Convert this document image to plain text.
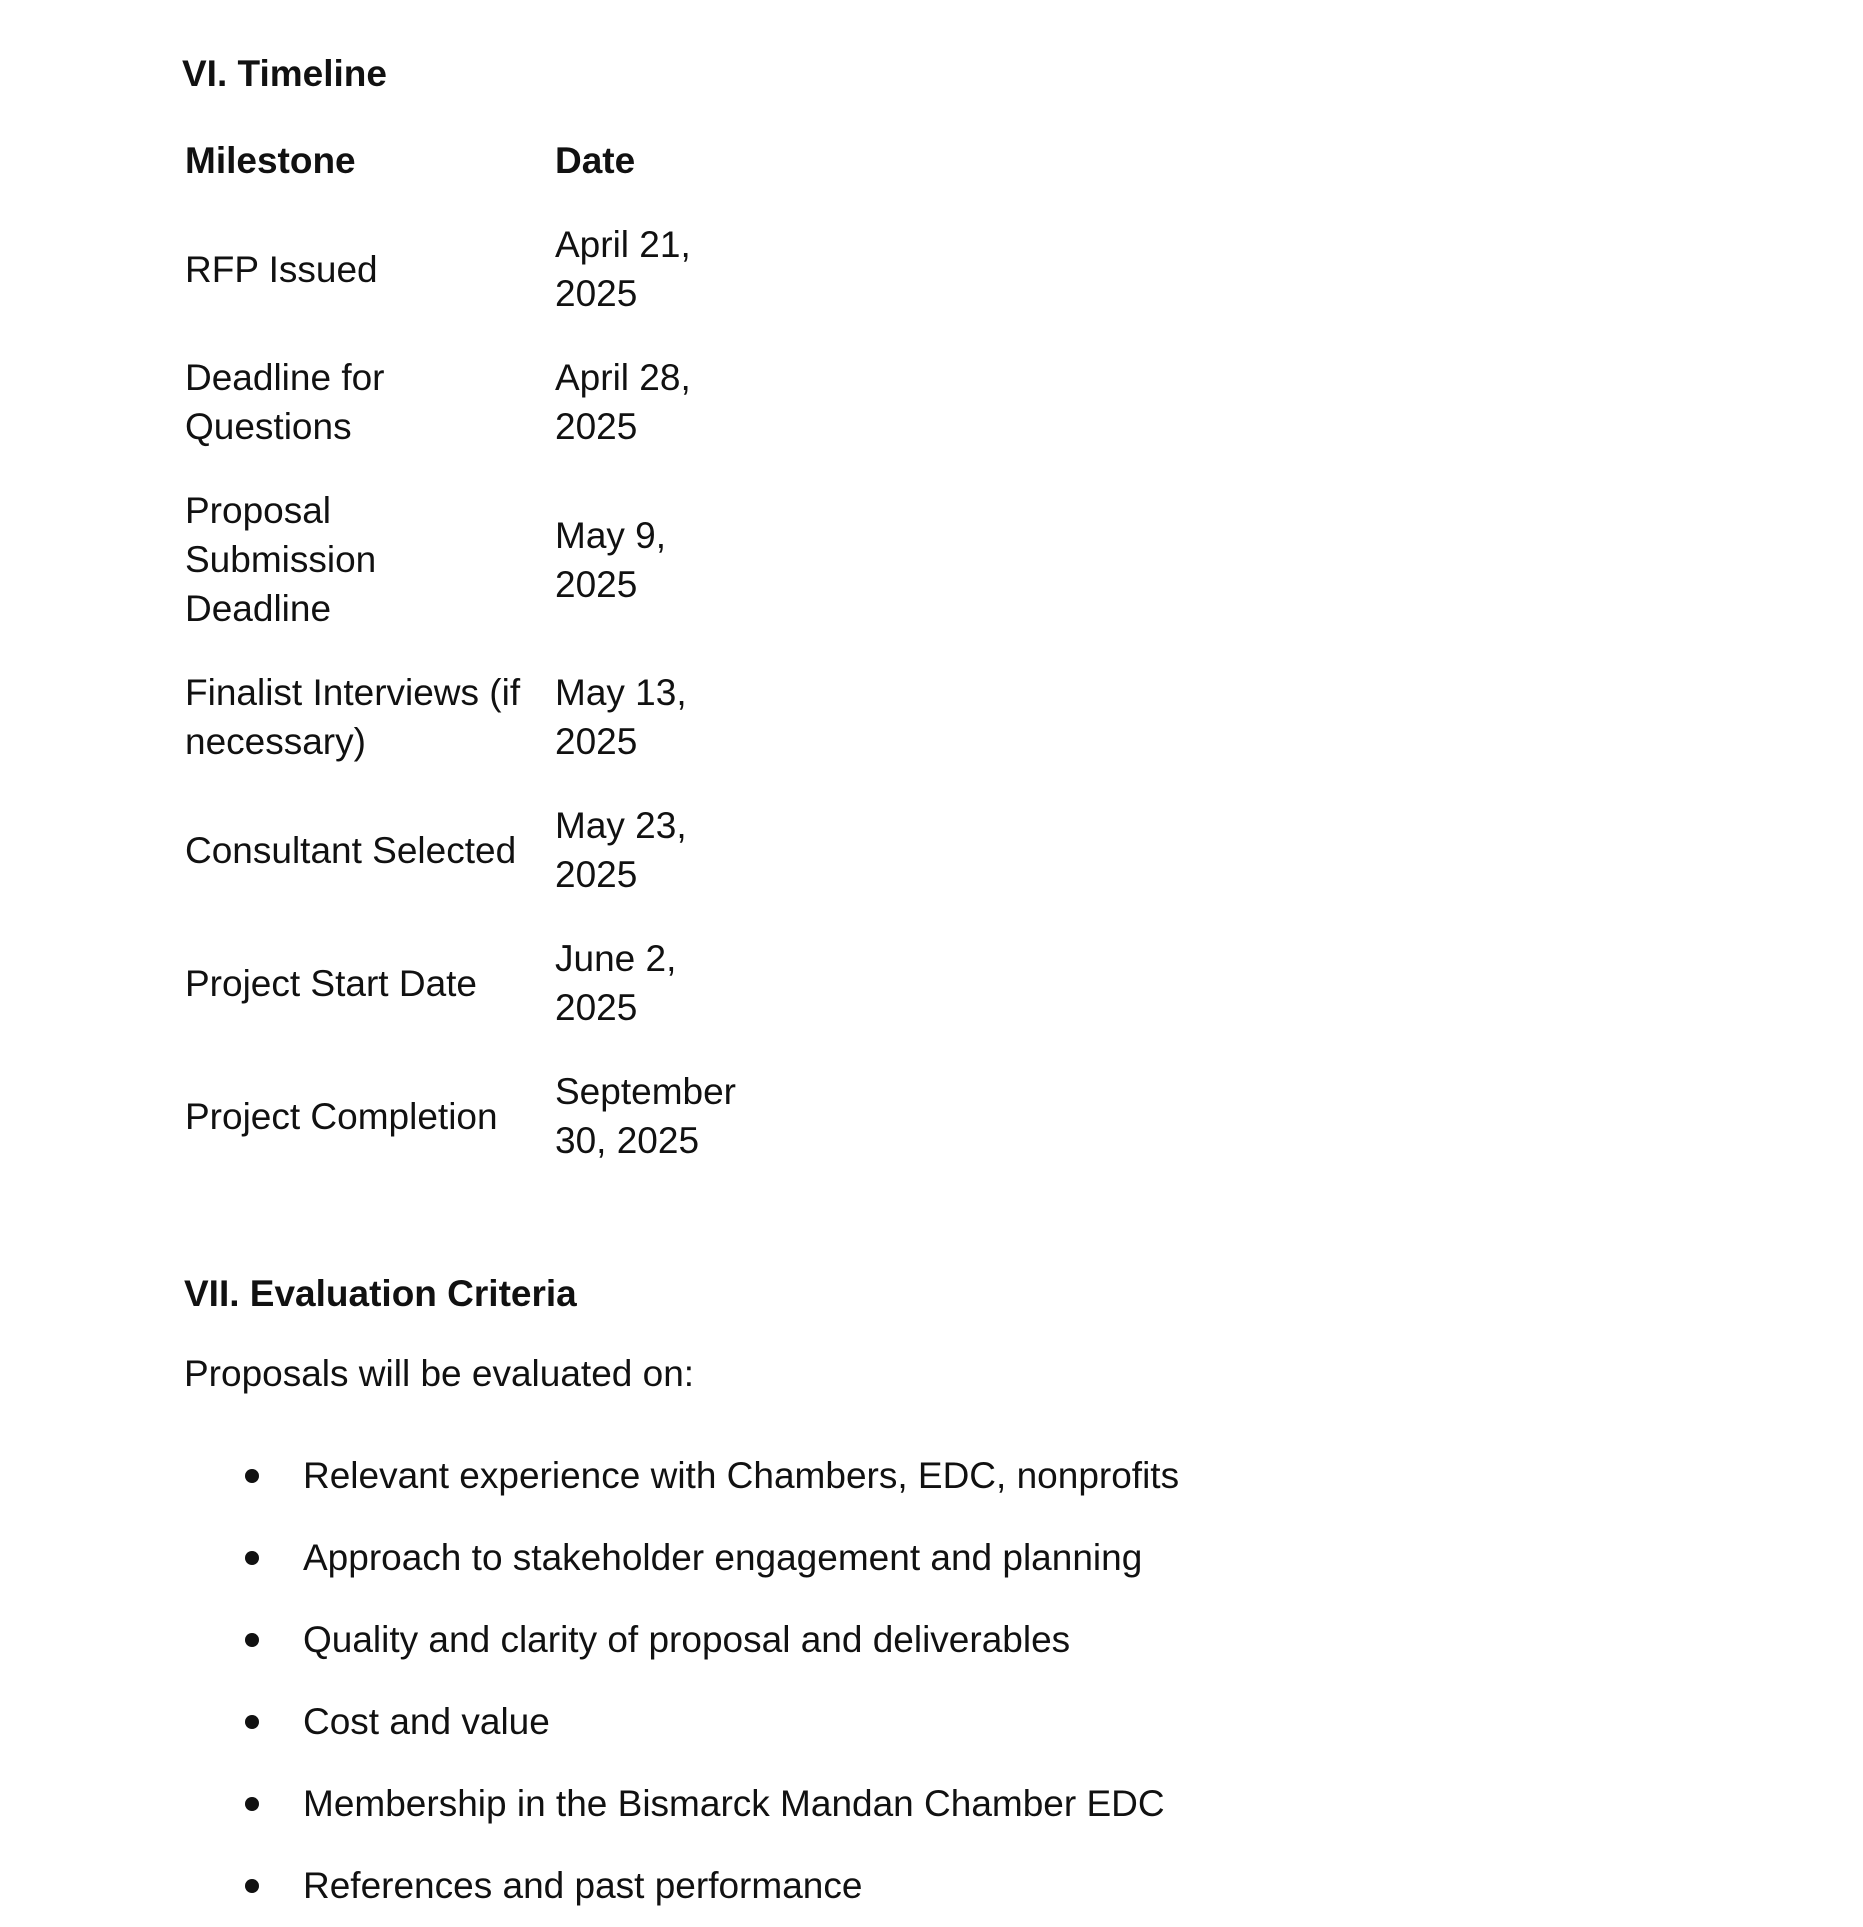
VI. Timeline
Milestone	Date
RFP Issued
April 21,
2025
Deadline for
Questions
April 28,
2025
Proposal
Submission
Deadline
May 9,
2025
Finalist Interviews (if
necessary)
May 13,
2025
Consultant Selected
May 23,
2025
Project Start Date
June 2,
2025
Project Completion
September
30, 2025
VII. Evaluation Criteria

Proposals will be evaluated on:

Relevant experience with Chambers, EDC, nonprofits
Approach to stakeholder engagement and planning
Quality and clarity of proposal and deliverables
Cost and value
Membership in the Bismarck Mandan Chamber EDC
References and past performance
